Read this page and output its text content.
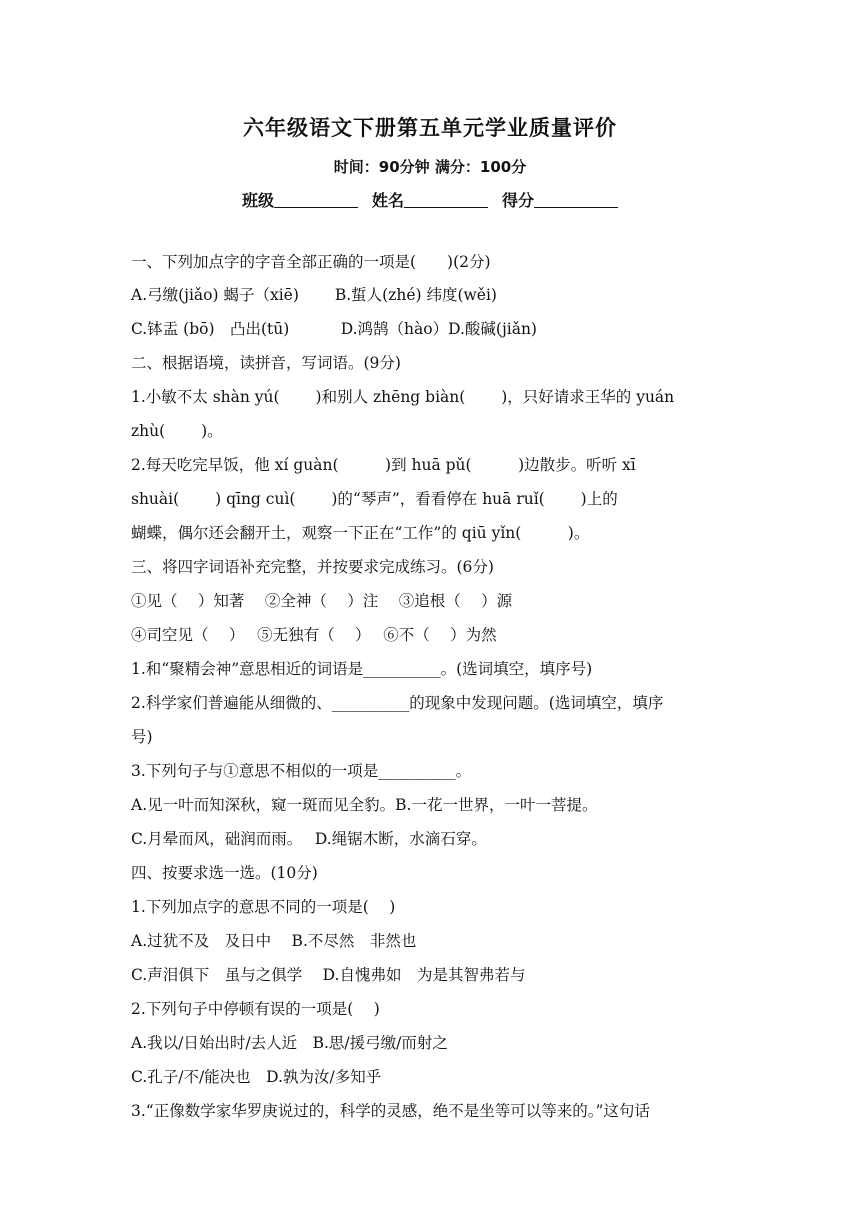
六年级语文下册第五单元学业质量评价
时间：90分钟 满分：100分
班级	姓名	得分
一、下列加点字的字音全部正确的一项是(　　)(2分)
A.弓缴(jiǎo) 蝎子（xiē)　　 B.蜇人(zhé) 纬度(wěi)
C.钵盂 (bō)　凸出(tū)　　　 D.鸿鹄（hào）D.酸碱(jiǎn)
二、根据语境，读拼音，写词语。(9分)
1.小敏不太 shàn yú(　　 )和别人 zhēng biàn(　　 )，只好请求王华的 yuán
zhù(　　 )。
2.每天吃完早饭，他 xí guàn(　　　)到 huā pǔ(　　　)边散步。听听 xī
shuài(　　 ) qīng cuì(　　 )的“琴声”，看看停在 huā ruǐ(　　 )上的
蝴蝶，偶尔还会翻开土，观察一下正在“工作”的 qiū yǐn(　　　)。
三、将四字词语补充完整，并按要求完成练习。(6分)
①见（　 ）知著　 ②全神（　 ）注　 ③追根（　 ）源
④司空见（　 ）　 ⑤无独有（　 ）　 ⑥不（　 ）为然
1.和“聚精会神”意思相近的词语是__________。(选词填空，填序号)
2.科学家们普遍能从细微的、__________的现象中发现问题。(选词填空，填序
号)
3.下列句子与①意思不相似的一项是__________。
A.见一叶而知深秋，窥一斑而见全豹。B.一花一世界，一叶一菩提。
C.月晕而风，础润而雨。　 D.绳锯木断，水滴石穿。
四、按要求选一选。(10分)
1.下列加点字的意思不同的一项是(　 )
A.过犹不及　及日中　 B.不尽然　非然也
C.声泪俱下　虽与之俱学　 D.自愧弗如　为是其智弗若与
2.下列句子中停顿有误的一项是(　 )
A.我以/日始出时/去人近　B.思/援弓缴/而射之
C.孔子/不/能决也　D.孰为汝/多知乎
3.“正像数学家华罗庚说过的，科学的灵感，绝不是坐等可以等来的。”这句话
